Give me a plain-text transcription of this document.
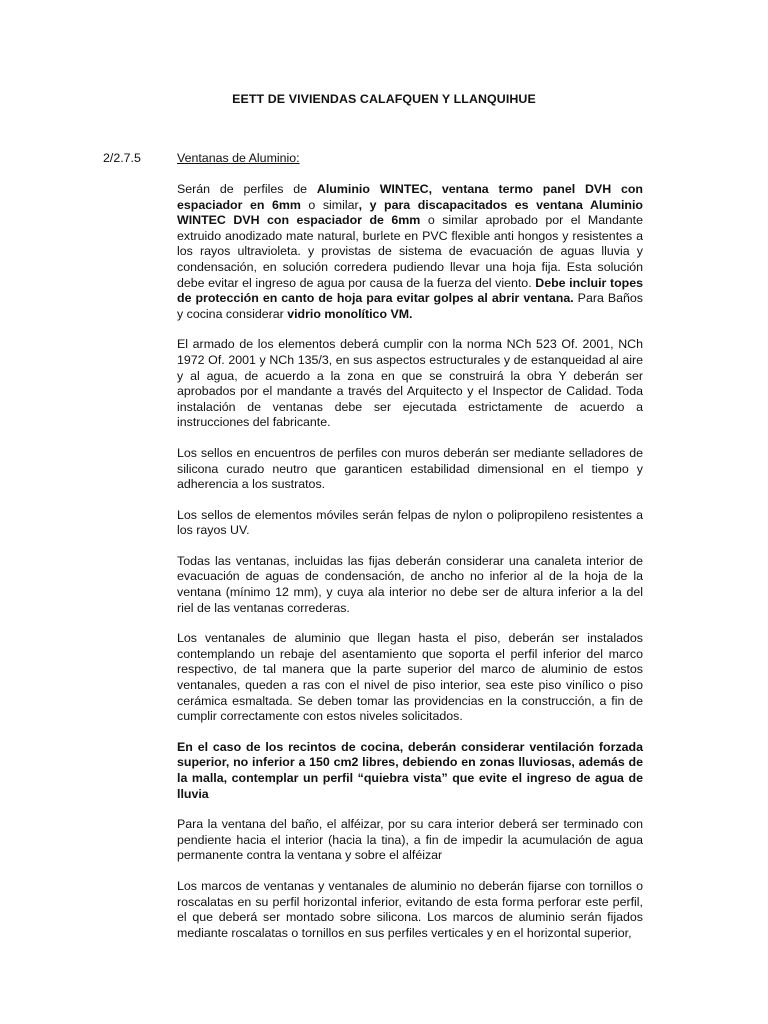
EETT DE VIVIENDAS CALAFQUEN Y LLANQUIHUE
2/2.7.5	Ventanas de Aluminio:

Serán de perfiles de Aluminio WINTEC, ventana termo panel DVH con espaciador en 6mm o similar, y para discapacitados es ventana Aluminio WINTEC DVH con espaciador de 6mm o similar aprobado por el Mandante extruido anodizado mate natural, burlete en PVC flexible anti hongos y resistentes a los rayos ultravioleta. y provistas de sistema de evacuación de aguas lluvia y condensación, en solución corredera pudiendo llevar una hoja fija. Esta solución debe evitar el ingreso de agua por causa de la fuerza del viento. Debe incluir topes de protección en canto de hoja para evitar golpes al abrir ventana. Para Baños y cocina considerar vidrio monolítico VM.

El armado de los elementos deberá cumplir con la norma NCh 523 Of. 2001, NCh 1972 Of. 2001 y NCh 135/3, en sus aspectos estructurales y de estanqueidad al aire y al agua, de acuerdo a la zona en que se construirá la obra Y deberán ser aprobados por el mandante a través del Arquitecto y el Inspector de Calidad. Toda instalación de ventanas debe ser ejecutada estrictamente de acuerdo a instrucciones del fabricante.

Los sellos en encuentros de perfiles con muros deberán ser mediante selladores de silicona curado neutro que garanticen estabilidad dimensional en el tiempo y adherencia a los sustratos.

Los sellos de elementos móviles serán felpas de nylon o polipropileno resistentes a los rayos UV.

Todas las ventanas, incluidas las fijas deberán considerar una canaleta interior de evacuación de aguas de condensación, de ancho no inferior al de la hoja de la ventana (mínimo 12 mm), y cuya ala interior no debe ser de altura inferior a la del riel de las ventanas correderas.

Los ventanales de aluminio que llegan hasta el piso, deberán ser instalados contemplando un rebaje del asentamiento que soporta el perfil inferior del marco respectivo, de tal manera que la parte superior del marco de aluminio de estos ventanales, queden a ras con el nivel de piso interior, sea este piso vinílico o piso cerámica esmaltada. Se deben tomar las providencias en la construcción, a fin de cumplir correctamente con estos niveles solicitados.

En el caso de los recintos de cocina, deberán considerar ventilación forzada superior, no inferior a 150 cm2 libres, debiendo en zonas lluviosas, además de la malla, contemplar un perfil “quiebra vista” que evite el ingreso de agua de lluvia

Para la ventana del baño, el alféizar, por su cara interior deberá ser terminado con pendiente hacia el interior (hacia la tina), a fin de impedir la acumulación de agua permanente contra la ventana y sobre el alféizar

Los marcos de ventanas y ventanales de aluminio no deberán fijarse con tornillos o roscalatas en su perfil horizontal inferior, evitando de esta forma perforar este perfil, el que deberá ser montado sobre silicona. Los marcos de aluminio serán fijados mediante roscalatas o tornillos en sus perfiles verticales y en el horizontal superior,
